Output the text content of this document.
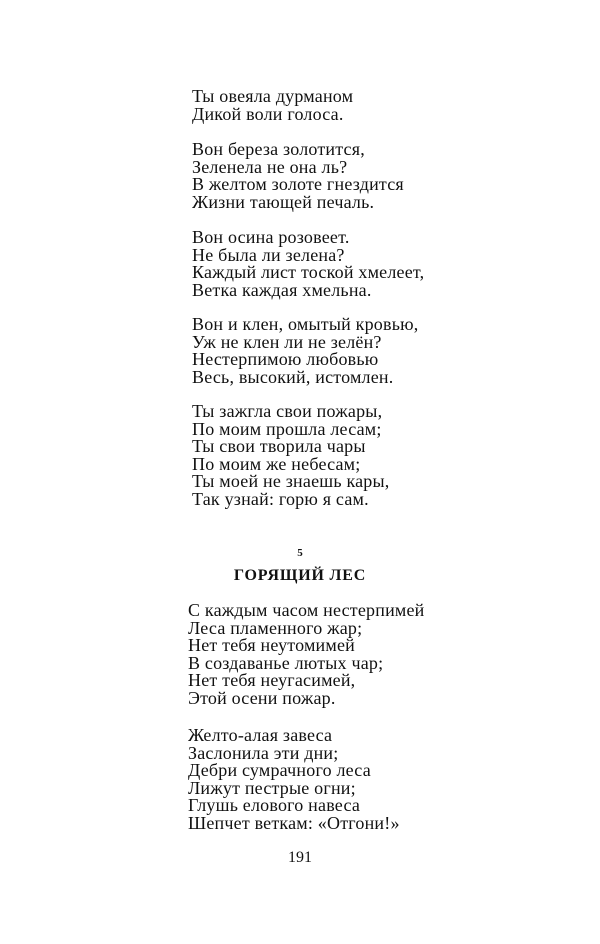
Ты овеяла дурманом
Дикой воли голоса.
Вон береза золотится,
Зеленела не она ль?
В желтом золоте гнездится
Жизни тающей печаль.
Вон осина розовеет.
Не была ли зелена?
Каждый лист тоской хмелеет,
Ветка каждая хмельна.
Вон и клен, омытый кровью,
Уж не клен ли не зелён?
Нестерпимою любовью
Весь, высокий, истомлен.
Ты зажгла свои пожары,
По моим прошла лесам;
Ты свои творила чары
По моим же небесам;
Ты моей не знаешь кары,
Так узнай: горю я сам.
5
ГОРЯЩИЙ ЛЕС
С каждым часом нестерпимей
Леса пламенного жар;
Нет тебя неутомимей
В создаванье лютых чар;
Нет тебя неугасимей,
Этой осени пожар.
Желто-алая завеса
Заслонила эти дни;
Дебри сумрачного леса
Лижут пестрые огни;
Глушь елового навеса
Шепчет веткам: «Отгони!»
191
